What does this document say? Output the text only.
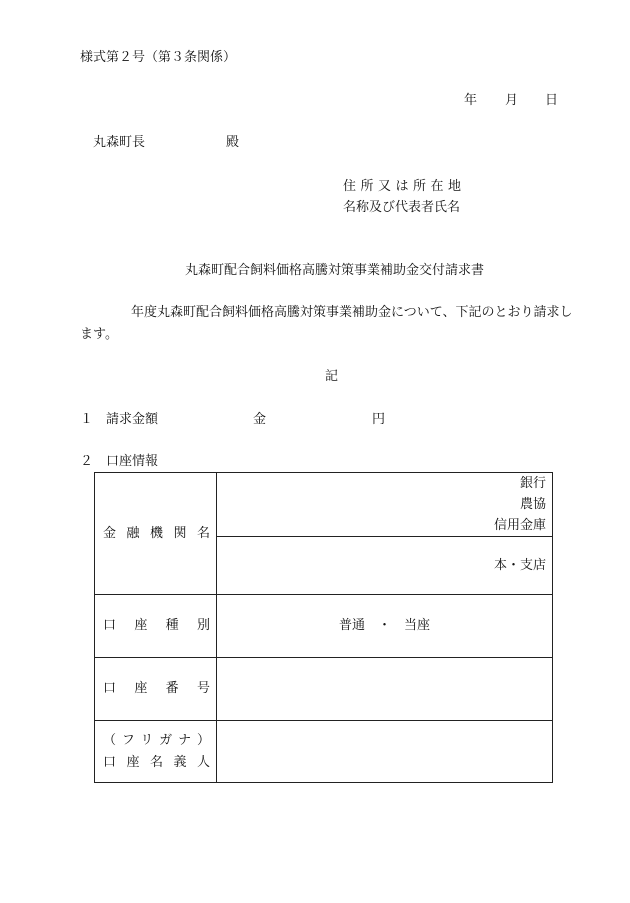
様式第２号（第３条関係）
年 月 日
丸森町長	殿
住所又は所在地
名称及び代表者氏名
丸森町配合飼料価格高騰対策事業補助金交付請求書
年度丸森町配合飼料価格高騰対策事業補助金について、下記のとおり請求し
ます。
記
１ 請求金額	金	円
２ 口座情報
金融機関名	銀行
農協
信用金庫

	本・支店

口座種別	普通　・　当座

口座番号	

（フリガナ）
口座名義人	
